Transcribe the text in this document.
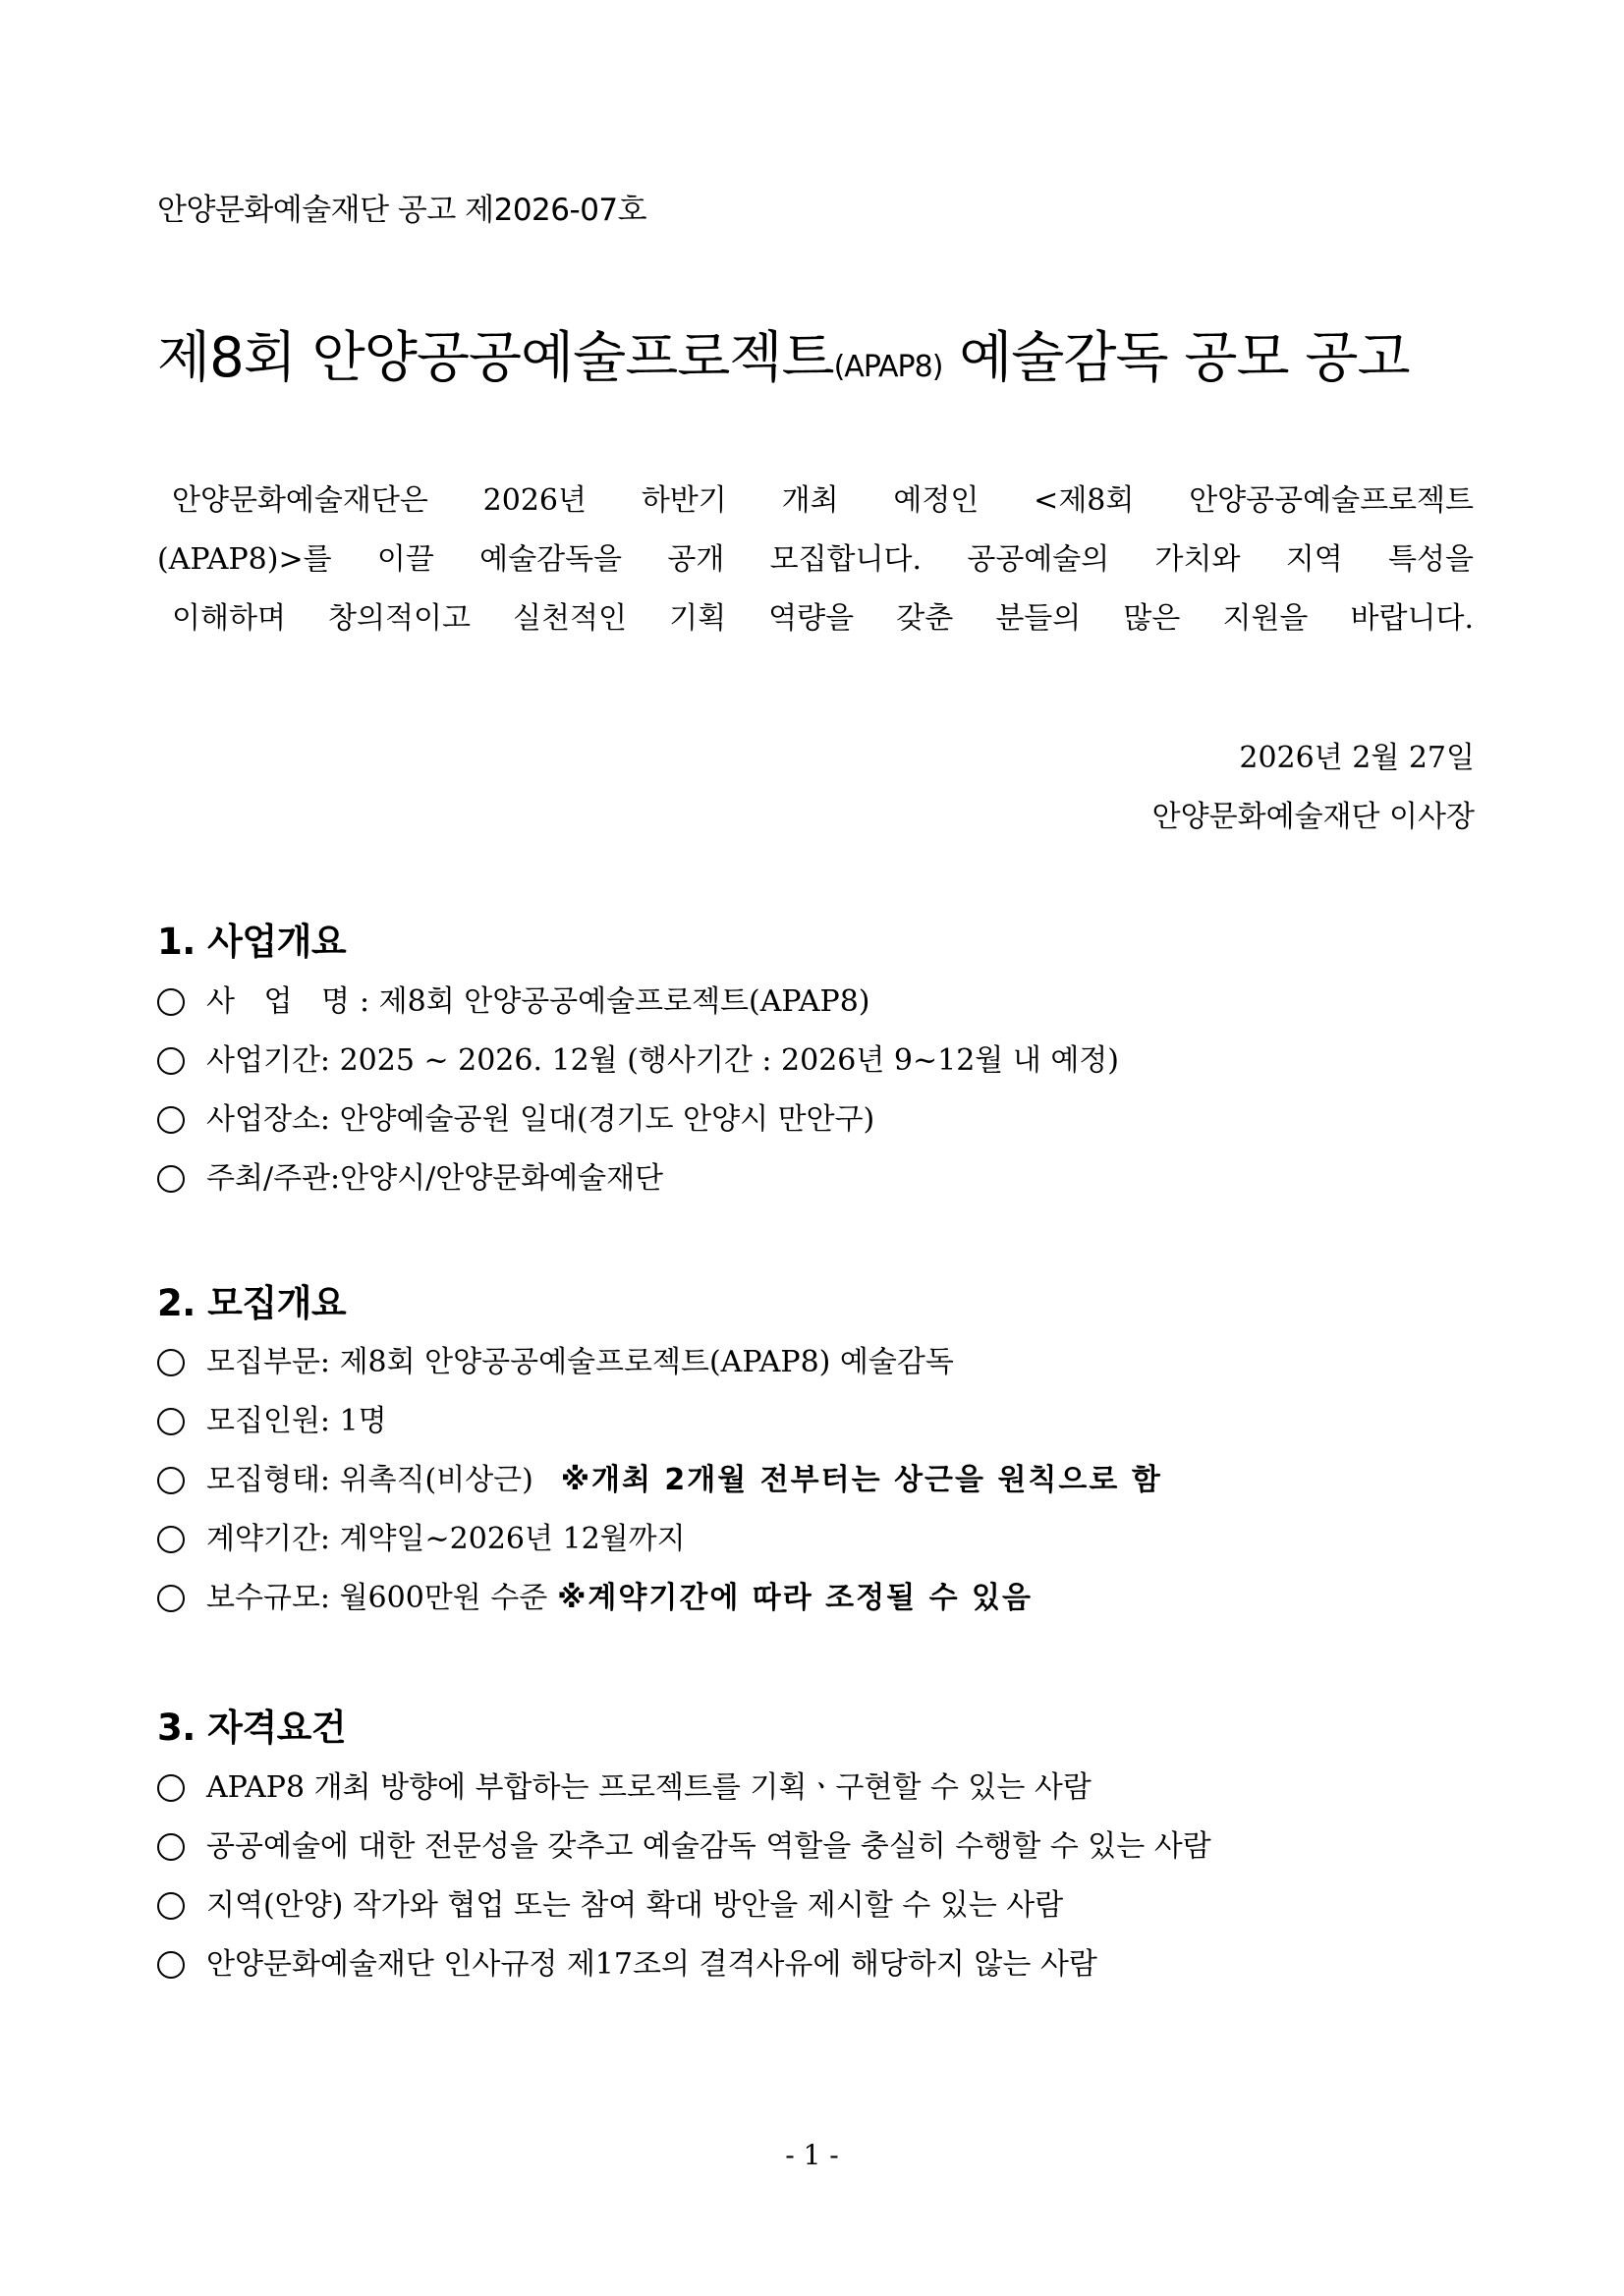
안양문화예술재단 공고 제2026-07호
제8회 안양공공예술프로젝트(APAP8) 예술감독 공모 공고
안양문화예술재단은 2026년 하반기 개최 예정인 <제8회 안양공공예술프로젝트
(APAP8)>를 이끌 예술감독을 공개 모집합니다. 공공예술의 가치와 지역 특성을
이해하며 창의적이고 실천적인 기획 역량을 갖춘 분들의 많은 지원을 바랍니다.
2026년 2월 27일
안양문화예술재단 이사장
1. 사업개요
사 업 명 : 제8회 안양공공예술프로젝트(APAP8)
사업기간 : 2025 ~ 2026. 12월 (행사기간 : 2026년 9~12월 내 예정)
사업장소 : 안양예술공원 일대(경기도 안양시 만안구)
주최/주관: 안양시/안양문화예술재단
2. 모집개요
모집부문 : 제8회 안양공공예술프로젝트(APAP8) 예술감독
모집인원 : 1명
모집형태 : 위촉직(비상근) ※개최 2개월 전부터는 상근을 원칙으로 함
계약기간 : 계약일∼2026년 12월까지
보수규모 : 월600만원 수준 ※계약기간에 따라 조정될 수 있음
3. 자격요건
APAP8 개최 방향에 부합하는 프로젝트를 기획ㆍ구현할 수 있는 사람
공공예술에 대한 전문성을 갖추고 예술감독 역할을 충실히 수행할 수 있는 사람
지역(안양) 작가와 협업 또는 참여 확대 방안을 제시할 수 있는 사람
안양문화예술재단 인사규정 제17조의 결격사유에 해당하지 않는 사람
- 1 -
